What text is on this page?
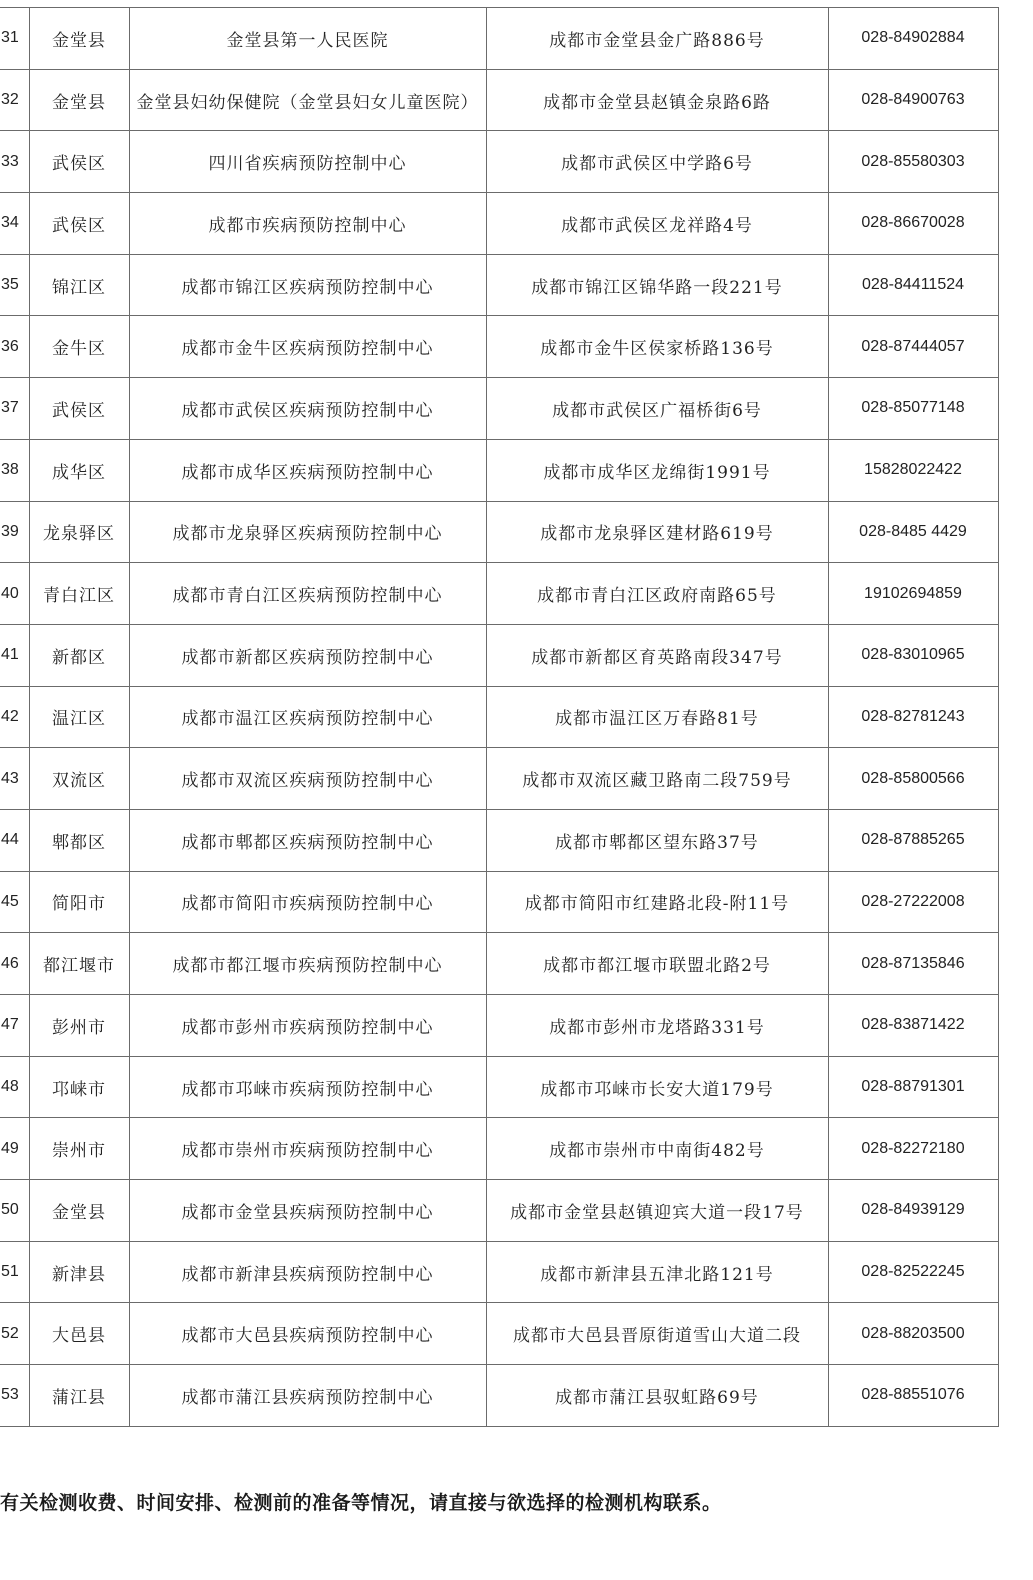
31	金堂县	金堂县第一人民医院	成都市金堂县金广路886号	028-84902884
32	金堂县	金堂县妇幼保健院（金堂县妇女儿童医院）	成都市金堂县赵镇金泉路6路	028-84900763
33	武侯区	四川省疾病预防控制中心	成都市武侯区中学路6号	028-85580303
34	武侯区	成都市疾病预防控制中心	成都市武侯区龙祥路4号	028-86670028
35	锦江区	成都市锦江区疾病预防控制中心	成都市锦江区锦华路一段221号	028-84411524
36	金牛区	成都市金牛区疾病预防控制中心	成都市金牛区侯家桥路136号	028-87444057
37	武侯区	成都市武侯区疾病预防控制中心	成都市武侯区广福桥街6号	028-85077148
38	成华区	成都市成华区疾病预防控制中心	成都市成华区龙绵街1991号	15828022422
39	龙泉驿区	成都市龙泉驿区疾病预防控制中心	成都市龙泉驿区建材路619号	028-8485 4429
40	青白江区	成都市青白江区疾病预防控制中心	成都市青白江区政府南路65号	19102694859
41	新都区	成都市新都区疾病预防控制中心	成都市新都区育英路南段347号	028-83010965
42	温江区	成都市温江区疾病预防控制中心	成都市温江区万春路81号	028-82781243
43	双流区	成都市双流区疾病预防控制中心	成都市双流区藏卫路南二段759号	028-85800566
44	郫都区	成都市郫都区疾病预防控制中心	成都市郫都区望东路37号	028-87885265
45	简阳市	成都市简阳市疾病预防控制中心	成都市简阳市红建路北段-附11号	028-27222008
46	都江堰市	成都市都江堰市疾病预防控制中心	成都市都江堰市联盟北路2号	028-87135846
47	彭州市	成都市彭州市疾病预防控制中心	成都市彭州市龙塔路331号	028-83871422
48	邛崃市	成都市邛崃市疾病预防控制中心	成都市邛崃市长安大道179号	028-88791301
49	崇州市	成都市崇州市疾病预防控制中心	成都市崇州市中南街482号	028-82272180
50	金堂县	成都市金堂县疾病预防控制中心	成都市金堂县赵镇迎宾大道一段17号	028-84939129
51	新津县	成都市新津县疾病预防控制中心	成都市新津县五津北路121号	028-82522245
52	大邑县	成都市大邑县疾病预防控制中心	成都市大邑县晋原街道雪山大道二段	028-88203500
53	蒲江县	成都市蒲江县疾病预防控制中心	成都市蒲江县驭虹路69号	028-88551076
有关检测收费、时间安排、检测前的准备等情况，请直接与欲选择的检测机构联系。
